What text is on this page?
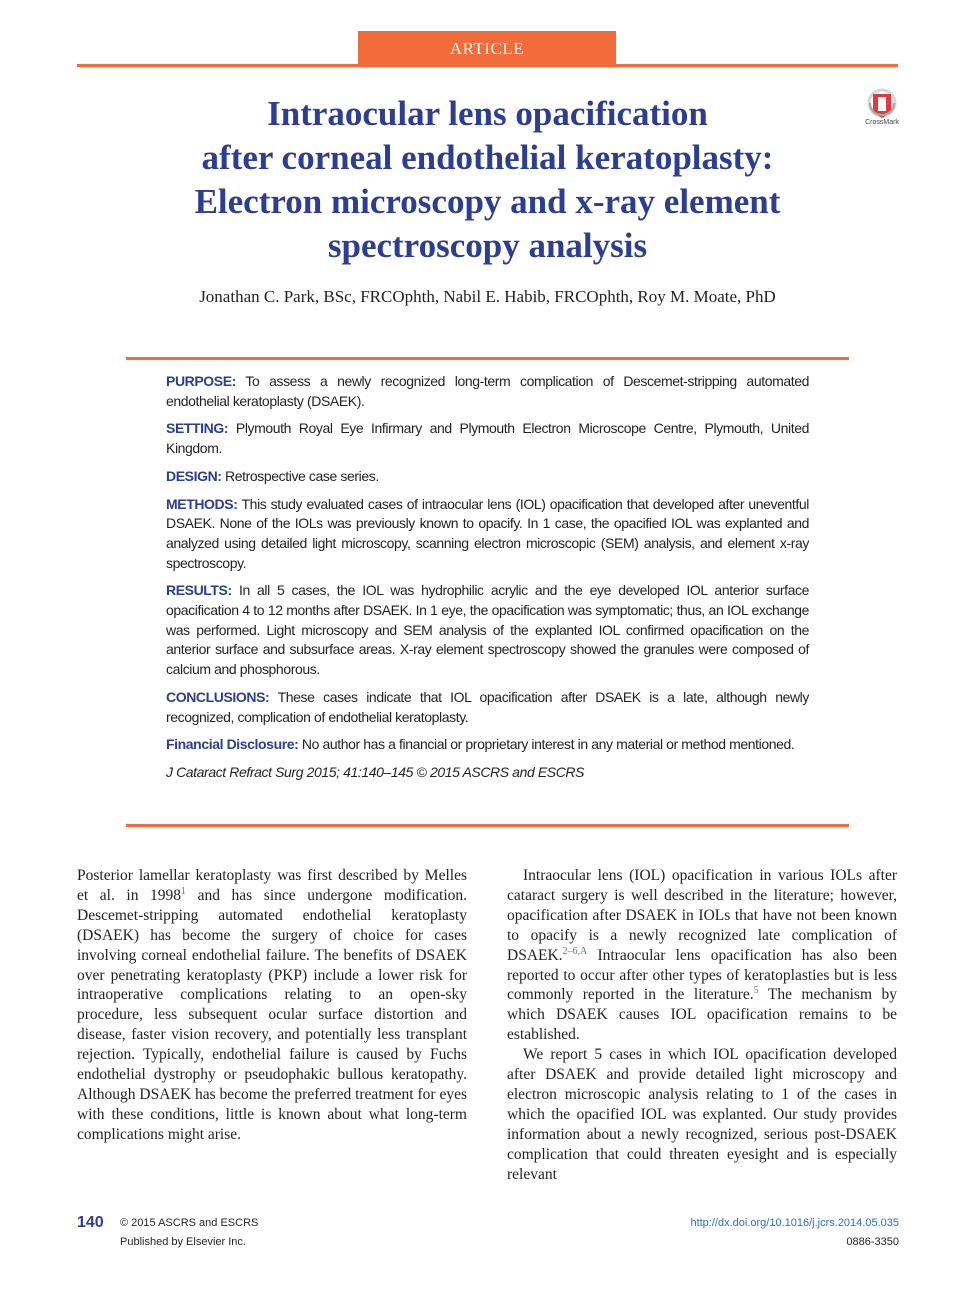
ARTICLE
CrossMark
Intraocular lens opacification
after corneal endothelial keratoplasty:
Electron microscopy and x-ray element
spectroscopy analysis
Jonathan C. Park, BSc, FRCOphth, Nabil E. Habib, FRCOphth, Roy M. Moate, PhD

PURPOSE: To assess a newly recognized long-term complication of Descemet-stripping automated endothelial keratoplasty (DSAEK).

SETTING: Plymouth Royal Eye Infirmary and Plymouth Electron Microscope Centre, Plymouth, United Kingdom.

DESIGN: Retrospective case series.

METHODS: This study evaluated cases of intraocular lens (IOL) opacification that developed after uneventful DSAEK. None of the IOLs was previously known to opacify. In 1 case, the opacified IOL was explanted and analyzed using detailed light microscopy, scanning electron microscopic (SEM) analysis, and element x-ray spectroscopy.

RESULTS: In all 5 cases, the IOL was hydrophilic acrylic and the eye developed IOL anterior surface opacification 4 to 12 months after DSAEK. In 1 eye, the opacification was symptomatic; thus, an IOL exchange was performed. Light microscopy and SEM analysis of the explanted IOL confirmed opacification on the anterior surface and subsurface areas. X-ray element spectroscopy showed the granules were composed of calcium and phosphorous.

CONCLUSIONS: These cases indicate that IOL opacification after DSAEK is a late, although newly recognized, complication of endothelial keratoplasty.

Financial Disclosure: No author has a financial or proprietary interest in any material or method mentioned.

J Cataract Refract Surg 2015; 41:140–145 © 2015 ASCRS and ESCRS

Posterior lamellar keratoplasty was first described by Melles et al. in 1998$^1$ and has since undergone modification. Descemet-stripping automated endothelial keratoplasty (DSAEK) has become the surgery of choice for cases involving corneal endothelial failure. The benefits of DSAEK over penetrating keratoplasty (PKP) include a lower risk for intraoperative complications relating to an open-sky procedure, less subsequent ocular surface distortion and disease, faster vision recovery, and potentially less transplant rejection. Typically, endothelial failure is caused by Fuchs endothelial dystrophy or pseudophakic bullous keratopathy. Although DSAEK has become the preferred treatment for eyes with these conditions, little is known about what long-term complications might arise.

Intraocular lens (IOL) opacification in various IOLs after cataract surgery is well described in the literature; however, opacification after DSAEK in IOLs that have not been known to opacify is a newly recognized late complication of DSAEK.$^{2-6,A}$ Intraocular lens opacification has also been reported to occur after other types of keratoplasties but is less commonly reported in the literature.$^5$ The mechanism by which DSAEK causes IOL opacification remains to be established.

We report 5 cases in which IOL opacification developed after DSAEK and provide detailed light microscopy and electron microscopic analysis relating to 1 of the cases in which the opacified IOL was explanted. Our study provides information about a newly recognized, serious post-DSAEK complication that could threaten eyesight and is especially relevant

140 © 2015 ASCRS and ESCRS
Published by Elsevier Inc.
http://dx.doi.org/10.1016/j.jcrs.2014.05.035
0886-3350
